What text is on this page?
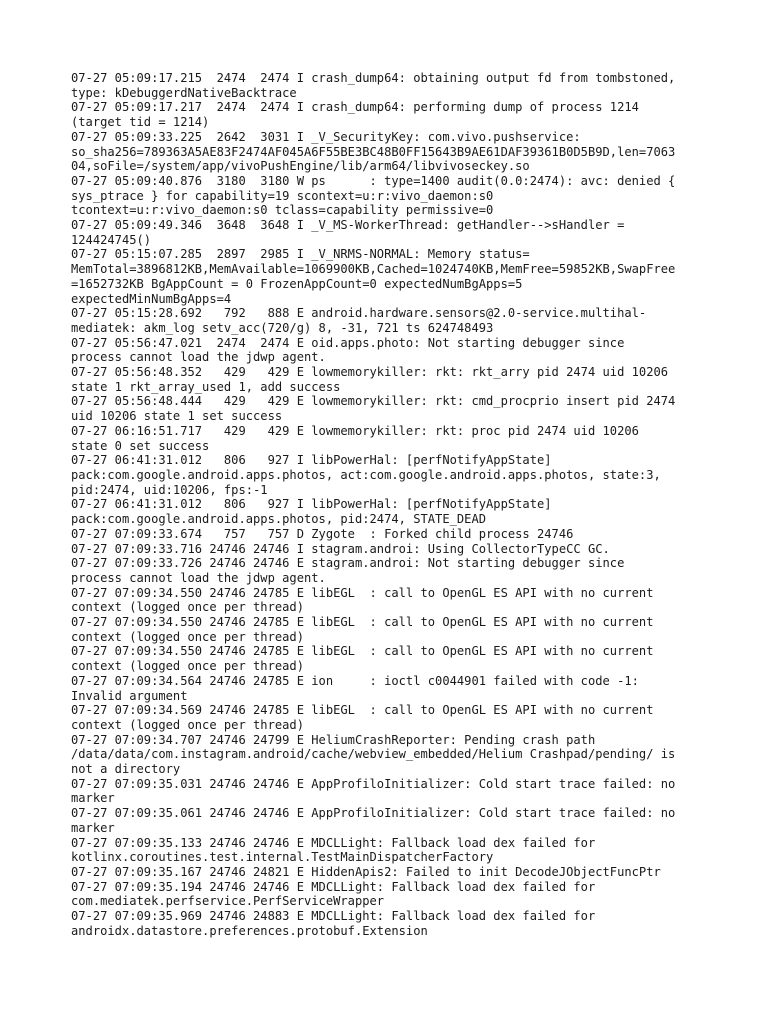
07-27 05:09:17.215  2474  2474 I crash_dump64: obtaining output fd from tombstoned,
type: kDebuggerdNativeBacktrace
07-27 05:09:17.217  2474  2474 I crash_dump64: performing dump of process 1214
(target tid = 1214)
07-27 05:09:33.225  2642  3031 I _V_SecurityKey: com.vivo.pushservice:
so_sha256=789363A5AE83F2474AF045A6F55BE3BC48B0FF15643B9AE61DAF39361B0D5B9D,len=7063
04,soFile=/system/app/vivoPushEngine/lib/arm64/libvivoseckey.so
07-27 05:09:40.876  3180  3180 W ps      : type=1400 audit(0.0:2474): avc: denied {
sys_ptrace } for capability=19 scontext=u:r:vivo_daemon:s0
tcontext=u:r:vivo_daemon:s0 tclass=capability permissive=0
07-27 05:09:49.346  3648  3648 I _V_MS-WorkerThread: getHandler-->sHandler =
124424745()
07-27 05:15:07.285  2897  2985 I _V_NRMS-NORMAL: Memory status=
MemTotal=3896812KB,MemAvailable=1069900KB,Cached=1024740KB,MemFree=59852KB,SwapFree
=1652732KB BgAppCount = 0 FrozenAppCount=0 expectedNumBgApps=5
expectedMinNumBgApps=4
07-27 05:15:28.692   792   888 E android.hardware.sensors@2.0-service.multihal-
mediatek: akm_log setv_acc(720/g) 8, -31, 721 ts 624748493
07-27 05:56:47.021  2474  2474 E oid.apps.photo: Not starting debugger since
process cannot load the jdwp agent.
07-27 05:56:48.352   429   429 E lowmemorykiller: rkt: rkt_arry pid 2474 uid 10206
state 1 rkt_array_used 1, add success
07-27 05:56:48.444   429   429 E lowmemorykiller: rkt: cmd_procprio insert pid 2474
uid 10206 state 1 set success
07-27 06:16:51.717   429   429 E lowmemorykiller: rkt: proc pid 2474 uid 10206
state 0 set success
07-27 06:41:31.012   806   927 I libPowerHal: [perfNotifyAppState]
pack:com.google.android.apps.photos, act:com.google.android.apps.photos, state:3,
pid:2474, uid:10206, fps:-1
07-27 06:41:31.012   806   927 I libPowerHal: [perfNotifyAppState]
pack:com.google.android.apps.photos, pid:2474, STATE_DEAD
07-27 07:09:33.674   757   757 D Zygote  : Forked child process 24746
07-27 07:09:33.716 24746 24746 I stagram.androi: Using CollectorTypeCC GC.
07-27 07:09:33.726 24746 24746 E stagram.androi: Not starting debugger since
process cannot load the jdwp agent.
07-27 07:09:34.550 24746 24785 E libEGL  : call to OpenGL ES API with no current
context (logged once per thread)
07-27 07:09:34.550 24746 24785 E libEGL  : call to OpenGL ES API with no current
context (logged once per thread)
07-27 07:09:34.550 24746 24785 E libEGL  : call to OpenGL ES API with no current
context (logged once per thread)
07-27 07:09:34.564 24746 24785 E ion     : ioctl c0044901 failed with code -1:
Invalid argument
07-27 07:09:34.569 24746 24785 E libEGL  : call to OpenGL ES API with no current
context (logged once per thread)
07-27 07:09:34.707 24746 24799 E HeliumCrashReporter: Pending crash path
/data/data/com.instagram.android/cache/webview_embedded/Helium Crashpad/pending/ is
not a directory
07-27 07:09:35.031 24746 24746 E AppProfiloInitializer: Cold start trace failed: no
marker
07-27 07:09:35.061 24746 24746 E AppProfiloInitializer: Cold start trace failed: no
marker
07-27 07:09:35.133 24746 24746 E MDCLLight: Fallback load dex failed for
kotlinx.coroutines.test.internal.TestMainDispatcherFactory
07-27 07:09:35.167 24746 24821 E HiddenApis2: Failed to init DecodeJObjectFuncPtr
07-27 07:09:35.194 24746 24746 E MDCLLight: Fallback load dex failed for
com.mediatek.perfservice.PerfServiceWrapper
07-27 07:09:35.969 24746 24883 E MDCLLight: Fallback load dex failed for
androidx.datastore.preferences.protobuf.Extension
